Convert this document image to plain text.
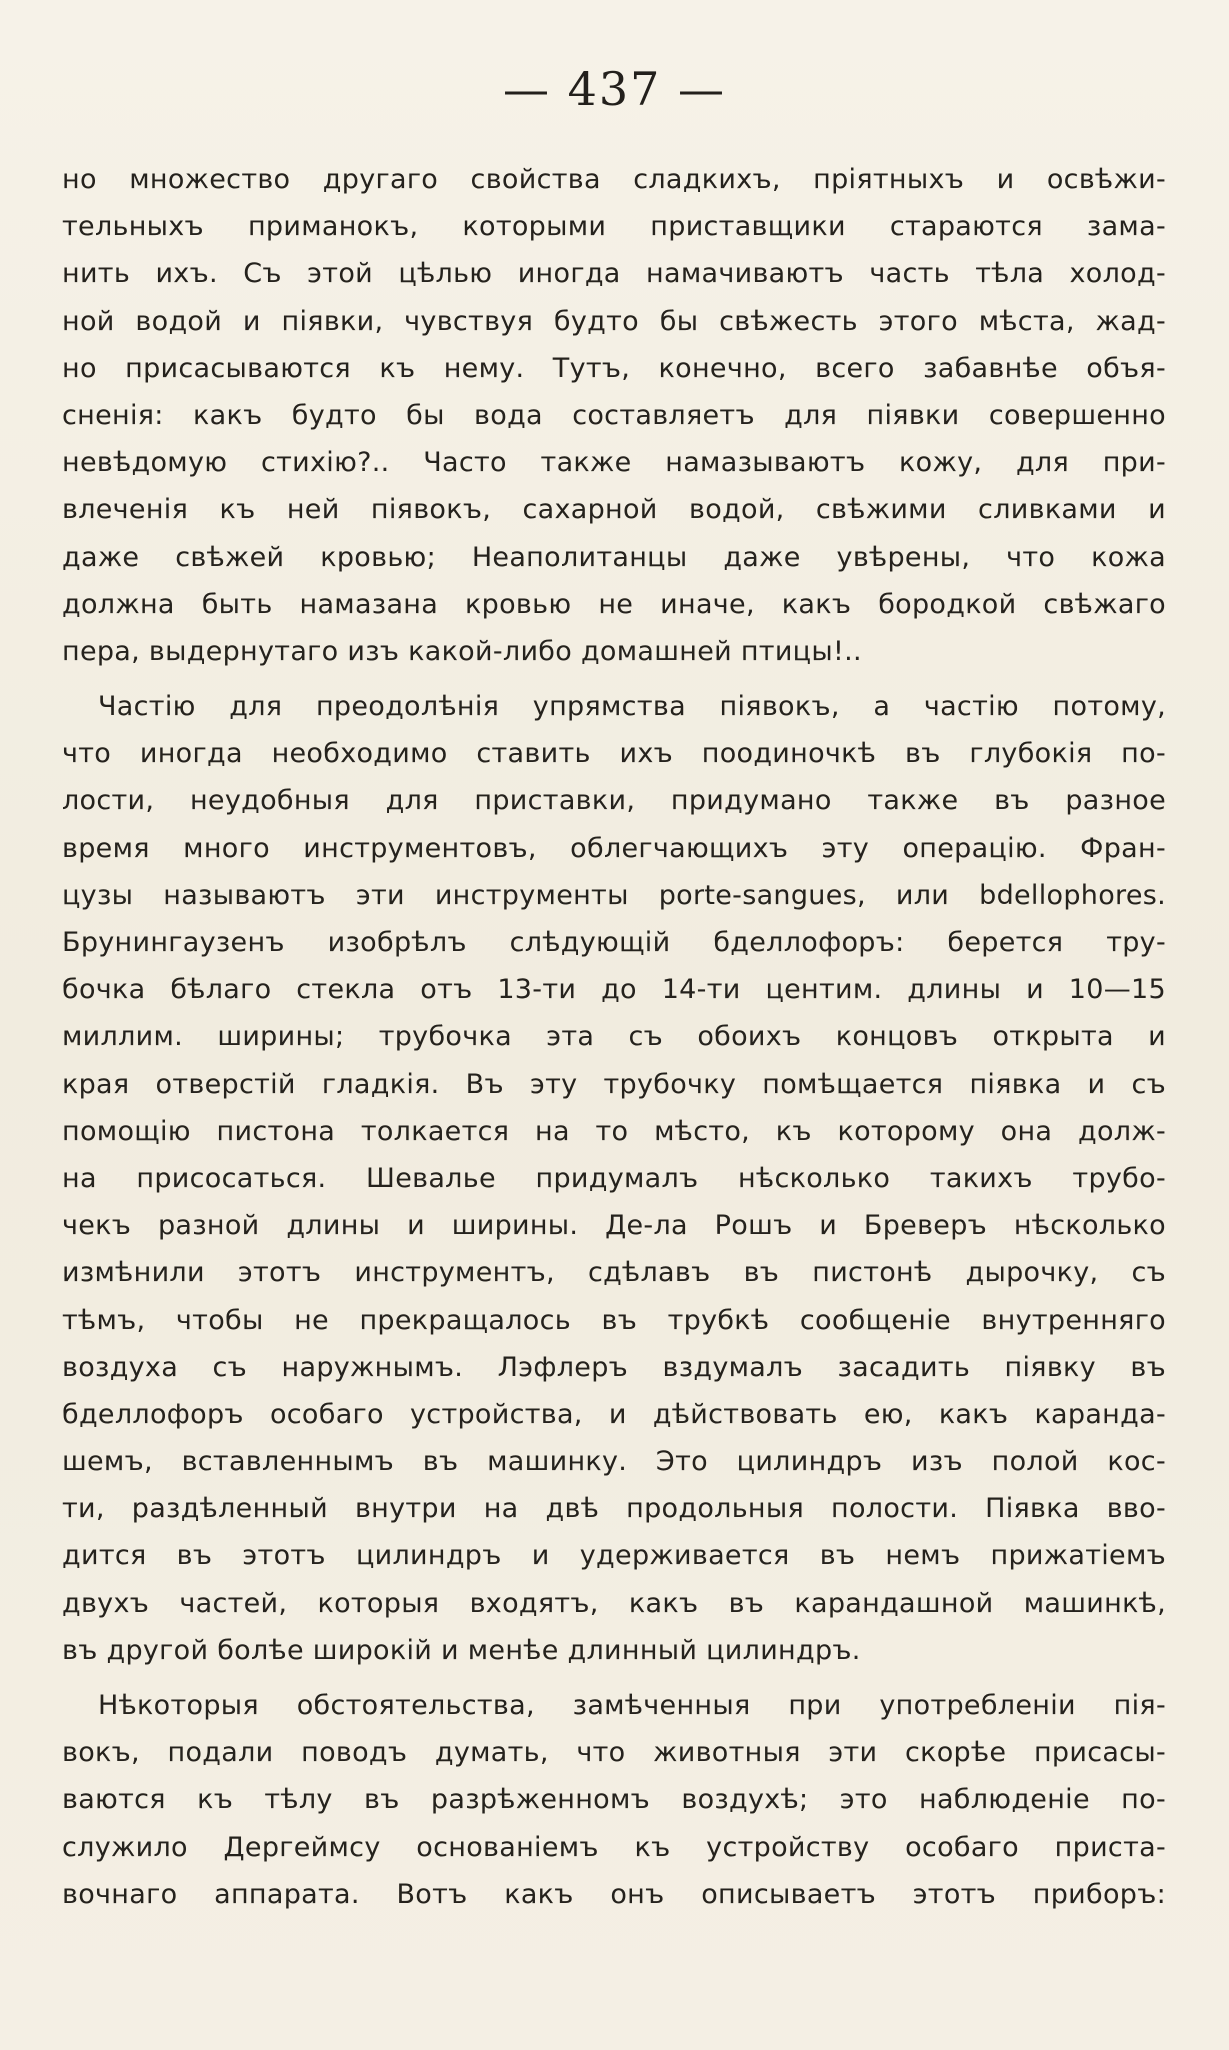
— 437 —
но множество другаго свойства сладкихъ, прiятныхъ и освѣжи-
тельныхъ приманокъ, которыми приставщики стараются зама-
нить ихъ. Съ этой цѣлью иногда намачиваютъ часть тѣла холод-
ной водой и пiявки, чувствуя будто бы свѣжесть этого мѣста, жад-
но присасываются къ нему. Тутъ, конечно, всего забавнѣе объя-
сненiя: какъ будто бы вода составляетъ для пiявки совершенно
невѣдомую стихiю?.. Часто также намазываютъ кожу, для при-
влеченiя къ ней пiявокъ, сахарной водой, свѣжими сливками и
даже свѣжей кровью; Неаполитанцы даже увѣрены, что кожа
должна быть намазана кровью не иначе, какъ бородкой свѣжаго
пера, выдернутаго изъ какой-либо домашней птицы!..
Частiю для преодолѣнiя упрямства пiявокъ, а частiю потому,
что иногда необходимо ставить ихъ поодиночкѣ въ глубокiя по-
лости, неудобныя для приставки, придумано также въ разное
время много инструментовъ, облегчающихъ эту операцiю. Фран-
цузы называютъ эти инструменты porte-sangues, или bdellophores.
Брунингаузенъ изобрѣлъ слѣдующiй бделлофоръ: берется тру-
бочка бѣлаго стекла отъ 13-ти до 14-ти центим. длины и 10—15
миллим. ширины; трубочка эта съ обоихъ концовъ открыта и
края отверстiй гладкiя. Въ эту трубочку помѣщается пiявка и съ
помощiю пистона толкается на то мѣсто, къ которому она долж-
на присосаться. Шевалье придумалъ нѣсколько такихъ трубо-
чекъ разной длины и ширины. Де-ла Рошъ и Бреверъ нѣсколько
измѣнили этотъ инструментъ, сдѣлавъ въ пистонѣ дырочку, съ
тѣмъ, чтобы не прекращалось въ трубкѣ сообщенiе внутренняго
воздуха съ наружнымъ. Лэфлеръ вздумалъ засадить пiявку въ
бделлофоръ особаго устройства, и дѣйствовать ею, какъ каранда-
шемъ, вставленнымъ въ машинку. Это цилиндръ изъ полой кос-
ти, раздѣленный внутри на двѣ продольныя полости. Пiявка вво-
дится въ этотъ цилиндръ и удерживается въ немъ прижатiемъ
двухъ частей, которыя входятъ, какъ въ карандашной машинкѣ,
въ другой болѣе широкiй и менѣе длинный цилиндръ.
Нѣкоторыя обстоятельства, замѣченныя при употребленiи пiя-
вокъ, подали поводъ думать, что животныя эти скорѣе присасы-
ваются къ тѣлу въ разрѣженномъ воздухѣ; это наблюденiе по-
служило Дергеймсу основанiемъ къ устройству особаго приста-
вочнаго аппарата. Вотъ какъ онъ описываетъ этотъ приборъ:
